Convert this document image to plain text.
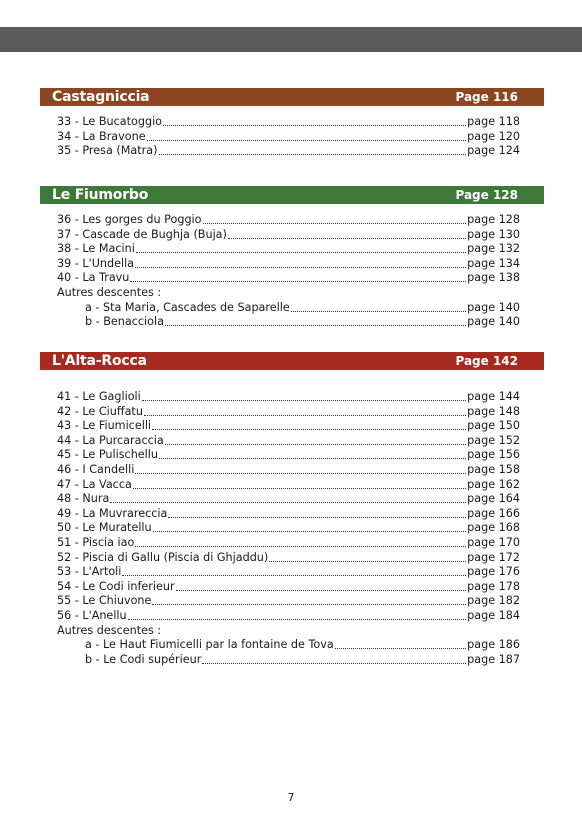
Castagniccia	Page 116
33 - Le Bucatoggio	page 118
34 - La Bravone	page 120
35 - Presa (Matra)	page 124
Le Fiumorbo	Page 128
36 - Les gorges du Poggio	page 128
37 - Cascade de Bughja (Buja)	page 130
38 - Le Macini	page 132
39 - L'Undella	page 134
40 - La Travu	page 138
Autres descentes :
a - Sta Maria, Cascades de Saparelle	page 140
b - Benacciola	page 140
L'Alta-Rocca	Page 142
41 - Le Gaglioli	page 144
42 - Le Ciuffatu	page 148
43 - Le Fiumicelli	page 150
44 - La Purcaraccia	page 152
45 - Le Pulischellu	page 156
46 - I Candelli	page 158
47 - La Vacca	page 162
48 - Nura	page 164
49 - La Muvrareccia	page 166
50 - Le Muratellu	page 168
51 - Piscia iao	page 170
52 - Piscia di Gallu (Piscia di Ghjaddu)	page 172
53 - L'Artoli	page 176
54 - Le Codi inferieur	page 178
55 - Le Chiuvone	page 182
56 - L'Anellu	page 184
Autres descentes :
a - Le Haut Fiumicelli par la fontaine de Tova	page 186
b - Le Codi supérieur	page 187
7
